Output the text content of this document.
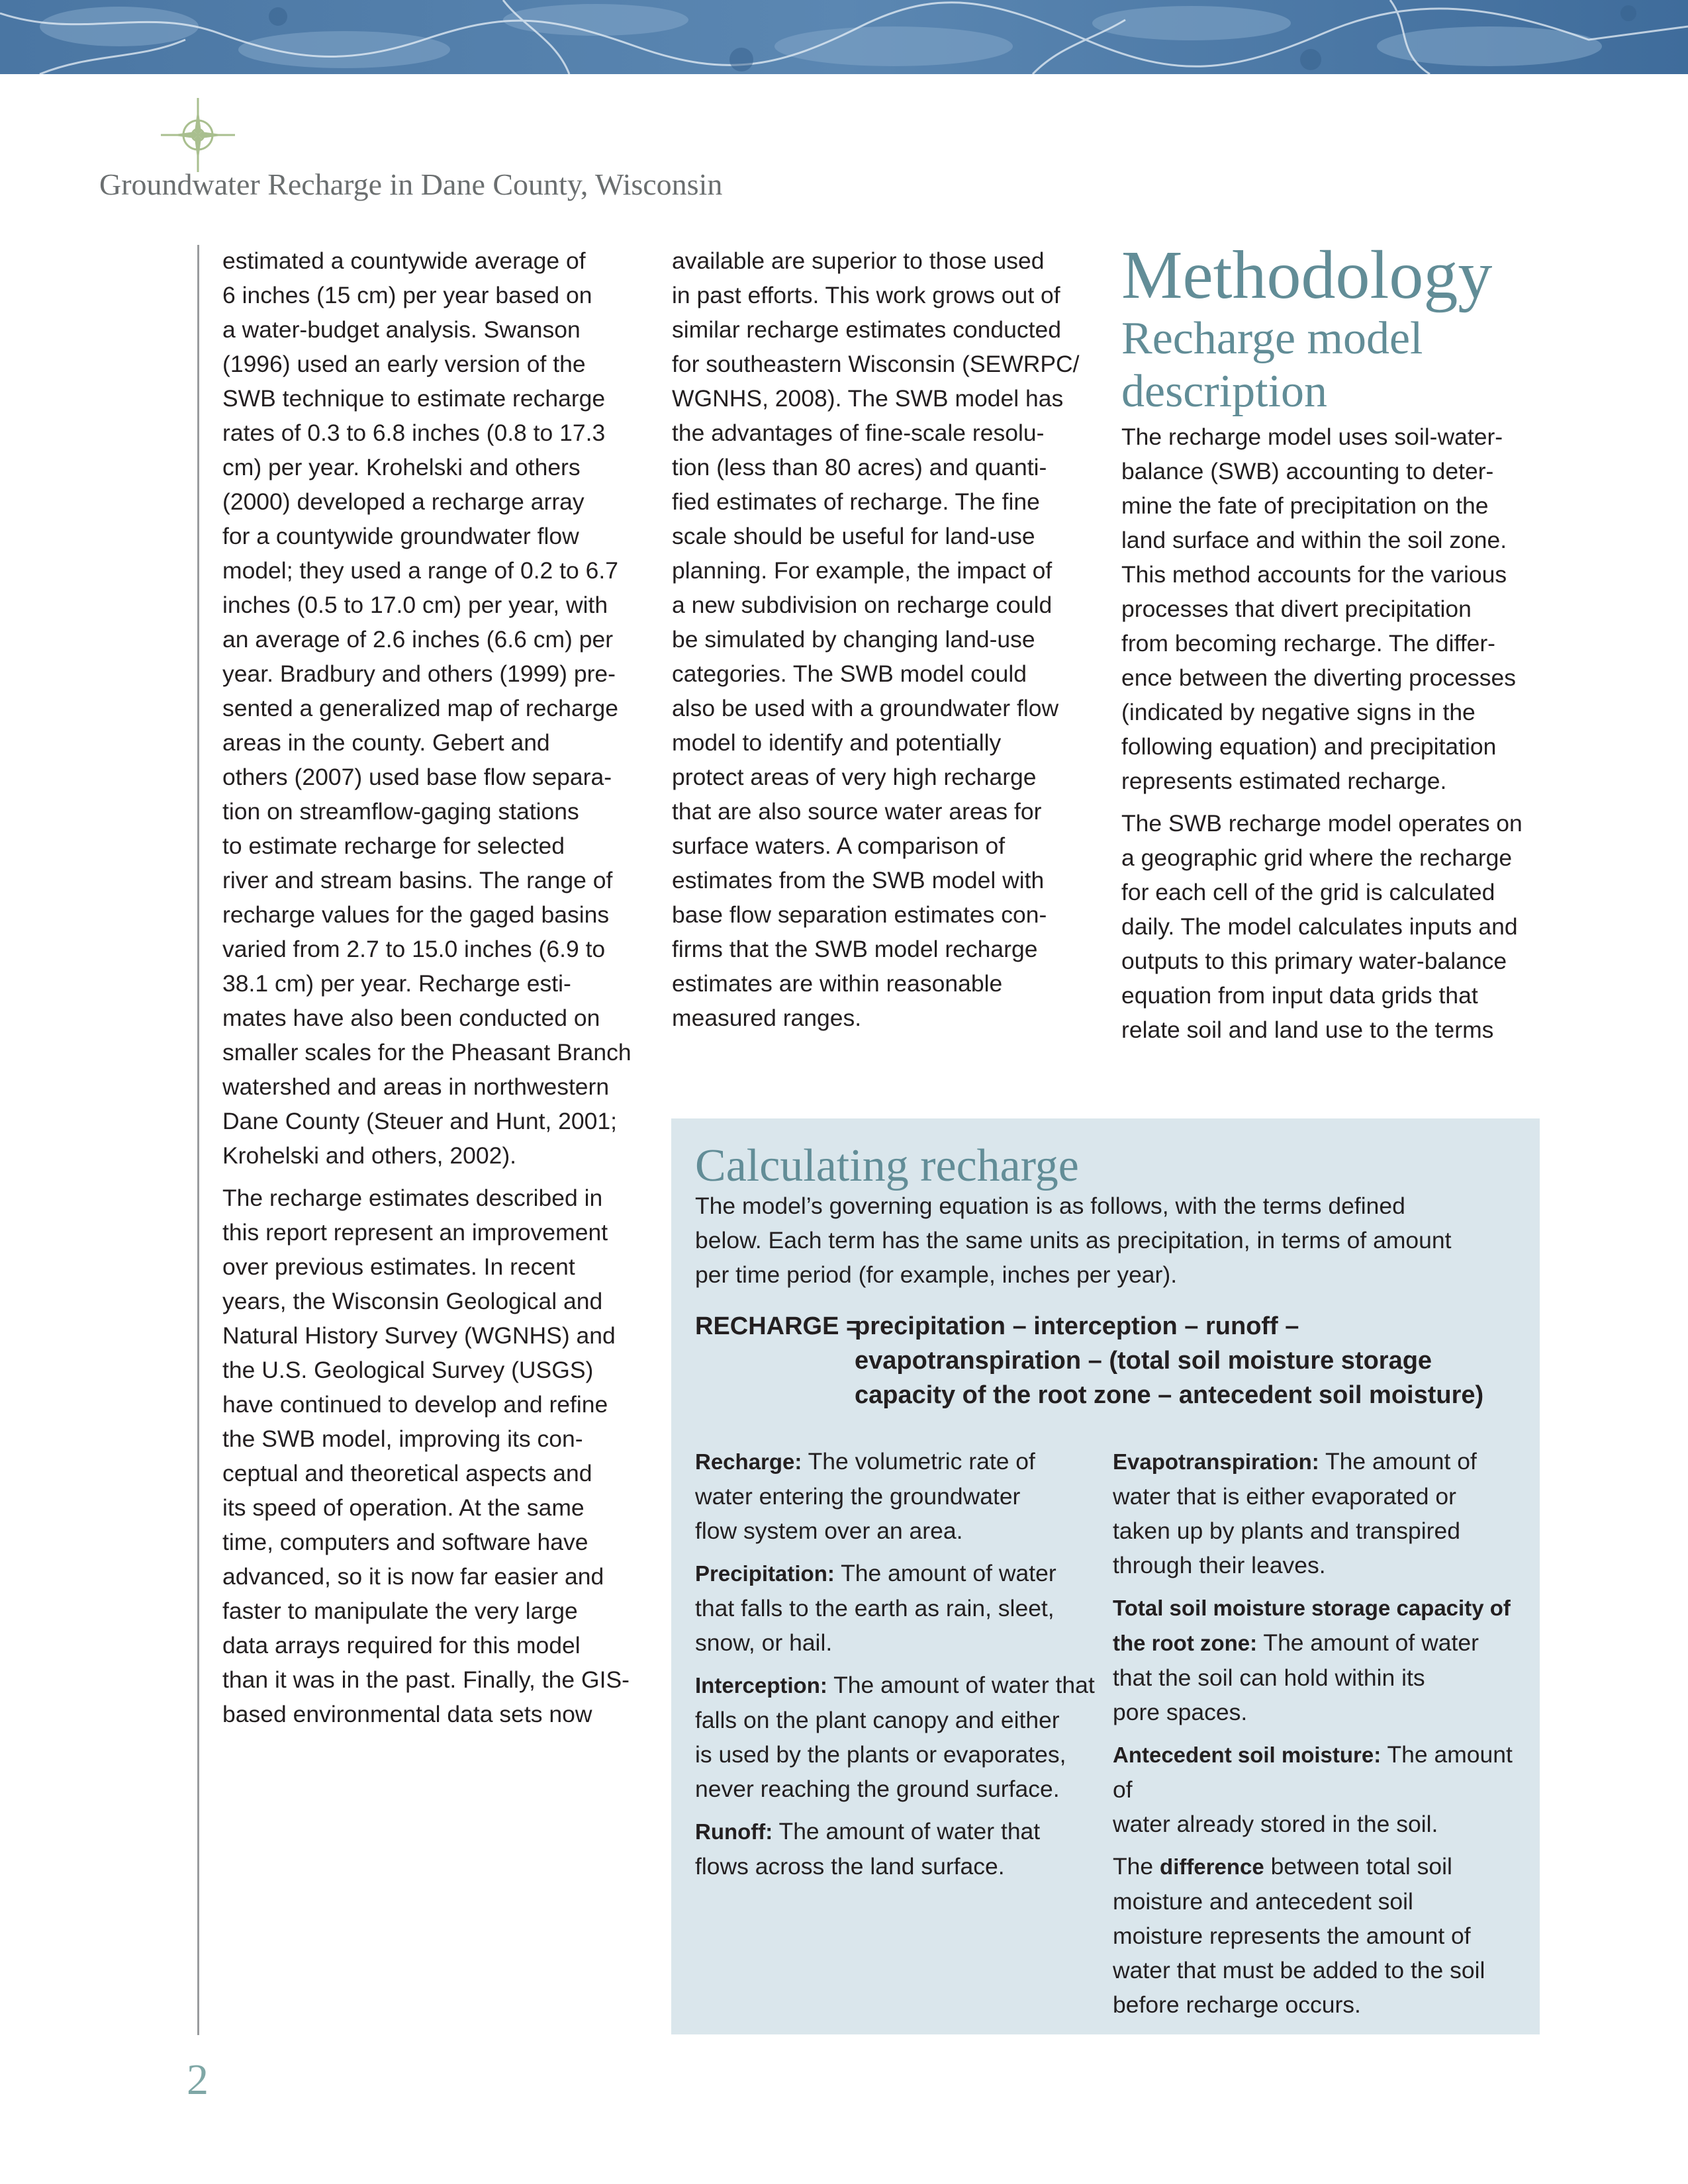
Groundwater Recharge in Dane County, Wisconsin
2

estimated a countywide average of
6 inches (15 cm) per year based on
a water-budget analysis. Swanson
(1996) used an early version of the
SWB technique to estimate recharge
rates of 0.3 to 6.8 inches (0.8 to 17.3
cm) per year. Krohelski and others
(2000) developed a recharge array
for a countywide groundwater flow
model; they used a range of 0.2 to 6.7
inches (0.5 to 17.0 cm) per year, with
an average of 2.6 inches (6.6 cm) per
year. Bradbury and others (1999) pre-
sented a generalized map of recharge
areas in the county. Gebert and
others (2007) used base flow separa-
tion on streamflow-gaging stations
to estimate recharge for selected
river and stream basins. The range of
recharge values for the gaged basins
varied from 2.7 to 15.0 inches (6.9 to
38.1 cm) per year. Recharge esti-
mates have also been conducted on
smaller scales for the Pheasant Branch
watershed and areas in northwestern
Dane County (Steuer and Hunt, 2001;
Krohelski and others, 2002).

The recharge estimates described in
this report represent an improvement
over previous estimates. In recent
years, the Wisconsin Geological and
Natural History Survey (WGNHS) and
the U.S. Geological Survey (USGS)
have continued to develop and refine
the SWB model, improving its con-
ceptual and theoretical aspects and
its speed of operation. At the same
time, computers and software have
advanced, so it is now far easier and
faster to manipulate the very large
data arrays required for this model
than it was in the past. Finally, the GIS-
based environmental data sets now

available are superior to those used
in past efforts. This work grows out of
similar recharge estimates conducted
for southeastern Wisconsin (SEWRPC/
WGNHS, 2008). The SWB model has
the advantages of fine-scale resolu-
tion (less than 80 acres) and quanti-
fied estimates of recharge. The fine
scale should be useful for land-use
planning. For example, the impact of
a new subdivision on recharge could
be simulated by changing land-use
categories. The SWB model could
also be used with a groundwater flow
model to identify and potentially
protect areas of very high recharge
that are also source water areas for
surface waters. A comparison of
estimates from the SWB model with
base flow separation estimates con-
firms that the SWB model recharge
estimates are within reasonable
measured ranges.

Methodology
Recharge model
description

The recharge model uses soil-water-
balance (SWB) accounting to deter-
mine the fate of precipitation on the
land surface and within the soil zone.
This method accounts for the various
processes that divert precipitation
from becoming recharge. The differ-
ence between the diverting processes
(indicated by negative signs in the
following equation) and precipitation
represents estimated recharge.

The SWB recharge model operates on
a geographic grid where the recharge
for each cell of the grid is calculated
daily. The model calculates inputs and
outputs to this primary water-balance
equation from input data grids that
relate soil and land use to the terms

Calculating recharge

The model’s governing equation is as follows, with the terms defined
below. Each term has the same units as precipitation, in terms of amount
per time period (for example, inches per year).

RECHARGE =
precipitation – interception – runoff –
evapotranspiration – (total soil moisture storage
capacity of the root zone – antecedent soil moisture)

Recharge: The volumetric rate of
water entering the groundwater
flow system over an area.

Precipitation: The amount of water
that falls to the earth as rain, sleet,
snow, or hail.

Interception: The amount of water that
falls on the plant canopy and either
is used by the plants or evaporates,
never reaching the ground surface.

Runoff: The amount of water that
flows across the land surface.

Evapotranspiration: The amount of
water that is either evaporated or
taken up by plants and transpired
through their leaves.

Total soil moisture storage capacity of
the root zone: The amount of water
that the soil can hold within its
pore spaces.

Antecedent soil moisture: The amount of
water already stored in the soil.

The difference between total soil
moisture and antecedent soil
moisture represents the amount of
water that must be added to the soil
before recharge occurs.
